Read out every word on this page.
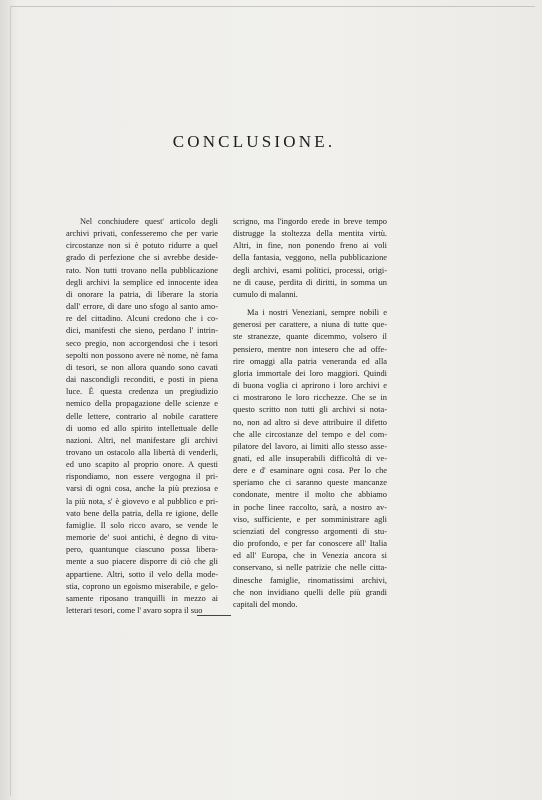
CONCLUSIONE.
Nel conchiudere quest' articolo degli
archivi privati, confesseremo che per varie
circostanze non si è potuto ridurre a quel
grado di perfezione che si avrebbe deside-
rato. Non tutti trovano nella pubblicazione
degli archivi la semplice ed innocente idea
di onorare la patria, di liberare la storia
dall' errore, di dare uno sfogo al santo amo-
re del cittadino. Alcuni credono che i co-
dici, manifesti che sieno, perdano l' intrin-
seco pregio, non accorgendosi che i tesori
sepolti non possono avere nè nome, nè fama
di tesori, se non allora quando sono cavati
dai nascondigli reconditi, e posti in piena
luce. È questa credenza un pregiudizio
nemico della propagazione delle scienze e
delle lettere, contrario al nobile carattere
di uomo ed allo spirito intellettuale delle
nazioni. Altri, nel manifestare gli archivi
trovano un ostacolo alla libertà di venderli,
ed uno scapito al proprio onore. A questi
rispondiamo, non essere vergogna il pri-
varsi di ogni cosa, anche la più preziosa e
la più nota, s' è giovevo e al pubblico e pri-
vato bene della patria, della re igione, delle
famiglie. Il solo ricco avaro, se vende le
memorie de' suoi antichi, è degno di vitu-
pero, quantunque ciascuno possa libera-
mente a suo piacere disporre di ciò che gli
appartiene. Altri, sotto il velo della mode-
stia, coprono un egoismo miserabile, e gelo-
samente riposano tranquilli in mezzo ai
letterari tesori, come l' avaro sopra il suo
scrigno, ma l'ingordo erede in breve tempo
distrugge la stoltezza della mentita virtù.
Altri, in fine, non ponendo freno ai voli
della fantasia, veggono, nella pubblicazione
degli archivi, esami politici, processi, origi-
ne di cause, perdita di diritti, in somma un
cumulo di malanni.
Ma i nostri Veneziani, sempre nobili e
generosi per carattere, a niuna di tutte que-
ste stranezze, quante dicemmo, volsero il
pensiero, mentre non intesero che ad offe-
rire omaggi alla patria veneranda ed alla
gloria immortale dei loro maggiori. Quindi
di buona voglia ci aprirono i loro archivi e
ci mostrarono le loro ricchezze. Che se in
questo scritto non tutti gli archivi si nota-
no, non ad altro si deve attribuire il difetto
che alle circostanze del tempo e del com-
pilatore del lavoro, ai limiti allo stesso asse-
gnati, ed alle insuperabili difficoltà di ve-
dere e d' esaminare ogni cosa. Per lo che
speriamo che ci saranno queste mancanze
condonate, mentre il molto che abbiamo
in poche linee raccolto, sarà, a nostro av-
viso, sufficiente, e per somministrare agli
scienziati del congresso argomenti di stu-
dio profondo, e per far conoscere all' Italia
ed all' Europa, che in Venezia ancora si
conservano, si nelle patrizie che nelle citta-
dinesche famiglie, rinomatissimi archivi,
che non invidiano quelli delle più grandi
capitali del mondo.
